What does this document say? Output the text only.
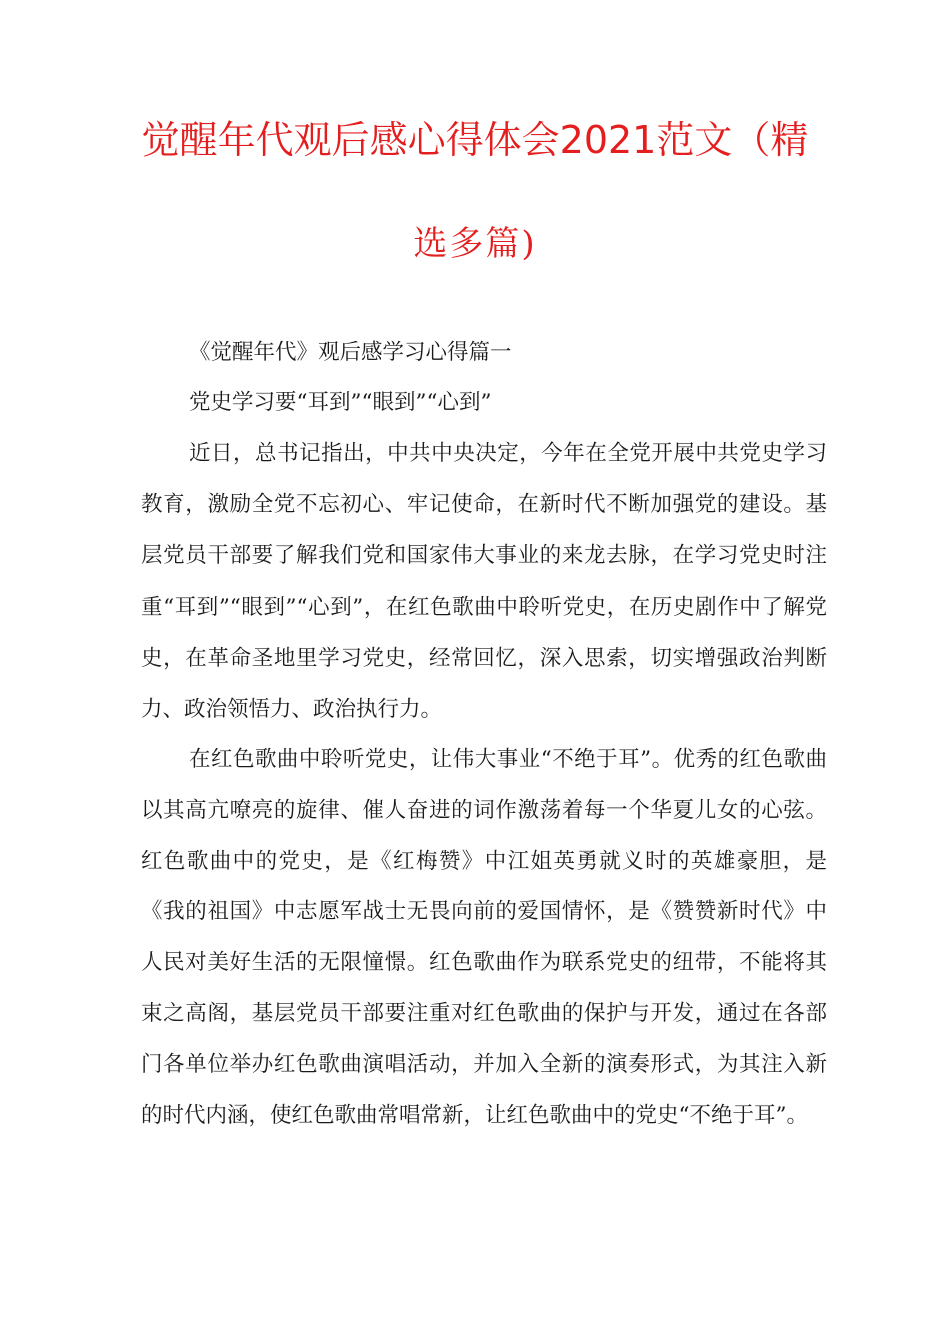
觉醒年代观后感心得体会2021范文（精
选多篇)
《觉醒年代》观后感学习心得篇一
党史学习要“耳到”“眼到”“心到”

近日，总书记指出，中共中央决定，今年在全党开展中共党史学习教育，激励全党不忘初心、牢记使命，在新时代不断加强党的建设。基层党员干部要了解我们党和国家伟大事业的来龙去脉，在学习党史时注重“耳到”“眼到”“心到”，在红色歌曲中聆听党史，在历史剧作中了解党史，在革命圣地里学习党史，经常回忆，深入思索，切实增强政治判断力、政治领悟力、政治执行力。

在红色歌曲中聆听党史，让伟大事业“不绝于耳”。优秀的红色歌曲以其高亢嘹亮的旋律、催人奋进的词作激荡着每一个华夏儿女的心弦。红色歌曲中的党史，是《红梅赞》中江姐英勇就义时的英雄豪胆，是《我的祖国》中志愿军战士无畏向前的爱国情怀，是《赞赞新时代》中人民对美好生活的无限憧憬。红色歌曲作为联系党史的纽带，不能将其束之高阁，基层党员干部要注重对红色歌曲的保护与开发，通过在各部门各单位举办红色歌曲演唱活动，并加入全新的演奏形式，为其注入新的时代内涵，使红色歌曲常唱常新，让红色歌曲中的党史“不绝于耳”。
